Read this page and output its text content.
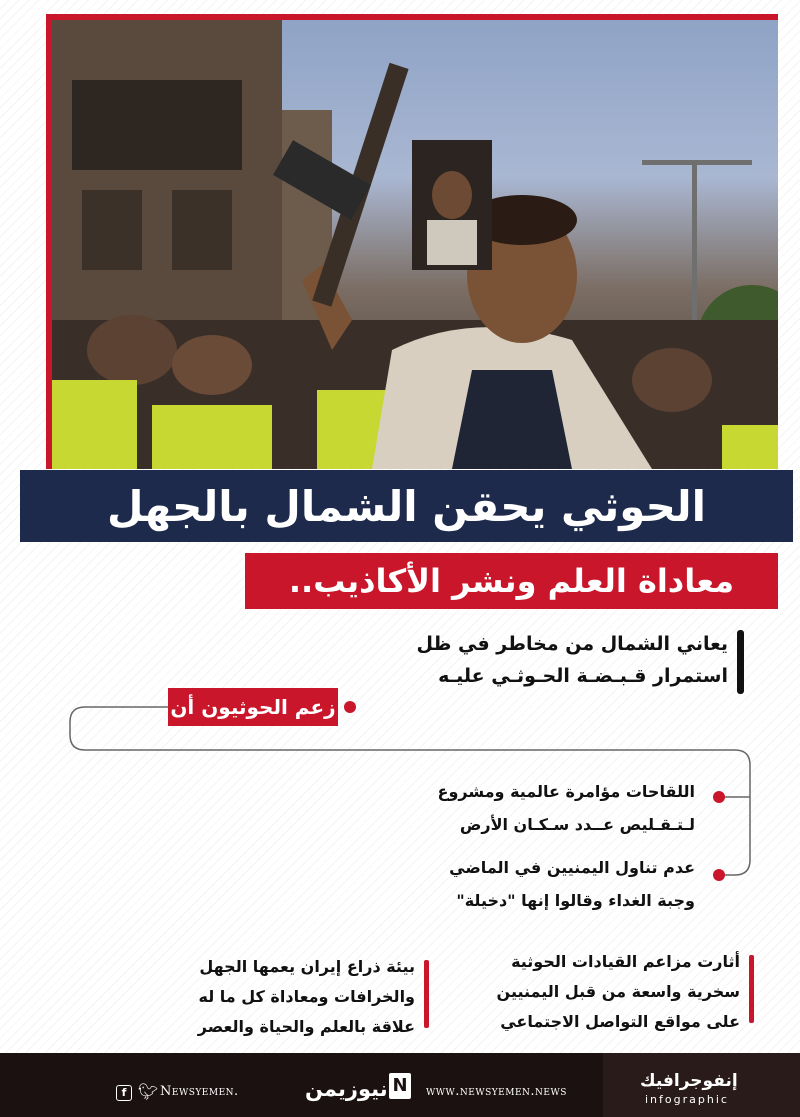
الحوثي يحقن الشمال بالجهل
معاداة العلم ونشر الأكاذيب..
يعاني الشمال من مخاطر في ظل
استمرار قـبـضـة الحـوثـي عليـه
زعم الحوثيون أن
اللقاحات مؤامرة عالمية ومشروع
لـتـقـليص عــدد سـكـان الأرض
عدم تناول اليمنيين في الماضي
وجبة الغداء وقالوا إنها "دخيلة"
أثارت مزاعم القيادات الحوثية
سخرية واسعة من قبل اليمنيين
على مواقع التواصل الاجتماعي
بيئة ذراع إيران يعمها الجهل
والخرافات ومعاداة كل ما له
علاقة بالعلم والحياة والعصر
f 🐦︎ Newsyemen.	نيوزيمن N www.newsyemen.news
إنفوجرافيك
infographic
